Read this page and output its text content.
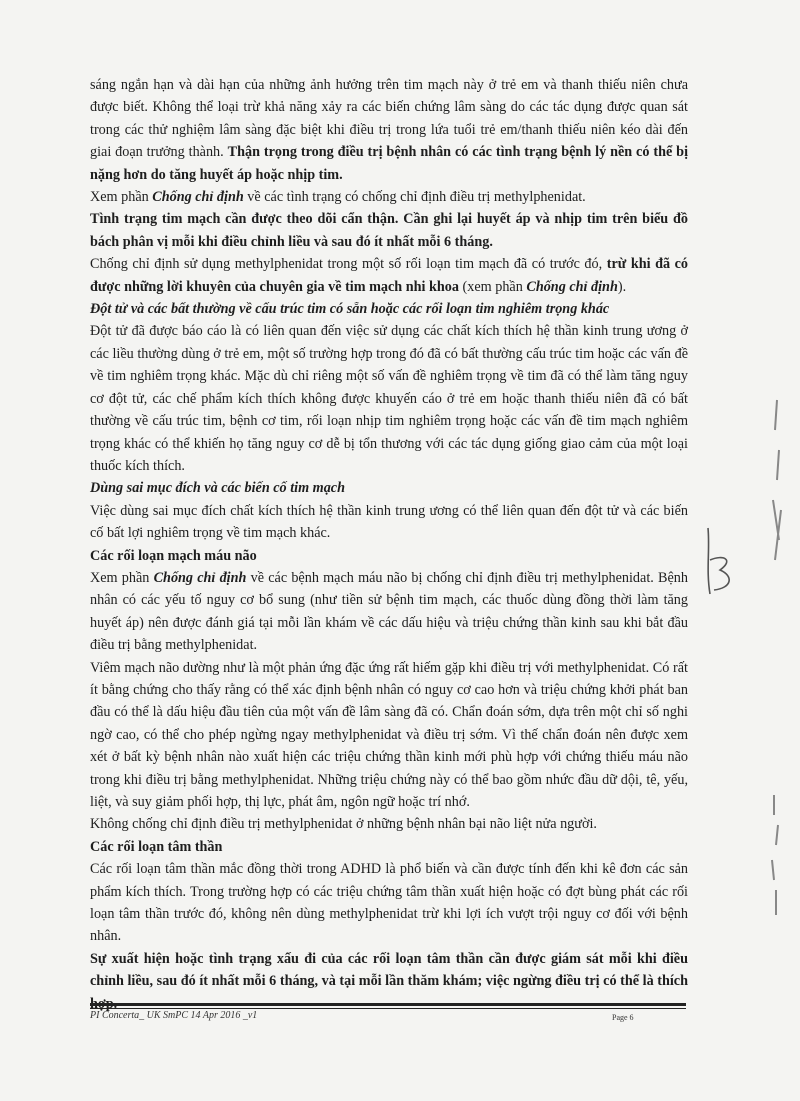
sáng ngắn hạn và dài hạn của những ảnh hưởng trên tim mạch này ở trẻ em và thanh thiếu niên chưa được biết. Không thể loại trừ khả năng xảy ra các biến chứng lâm sàng do các tác dụng được quan sát trong các thử nghiệm lâm sàng đặc biệt khi điều trị trong lứa tuổi trẻ em/thanh thiếu niên kéo dài đến giai đoạn trưởng thành. Thận trọng trong điều trị bệnh nhân có các tình trạng bệnh lý nền có thể bị nặng hơn do tăng huyết áp hoặc nhịp tim.

Xem phần Chống chỉ định về các tình trạng có chống chỉ định điều trị methylphenidat.

Tình trạng tim mạch cần được theo dõi cẩn thận. Cần ghi lại huyết áp và nhịp tim trên biểu đồ bách phân vị mỗi khi điều chỉnh liều và sau đó ít nhất mỗi 6 tháng.

Chống chỉ định sử dụng methylphenidat trong một số rối loạn tim mạch đã có trước đó, trừ khi đã có được những lời khuyên của chuyên gia về tim mạch nhi khoa (xem phần Chống chỉ định).

Đột tử và các bất thường về cấu trúc tim có sẵn hoặc các rối loạn tim nghiêm trọng khác

Đột tử đã được báo cáo là có liên quan đến việc sử dụng các chất kích thích hệ thần kinh trung ương ở các liều thường dùng ở trẻ em, một số trường hợp trong đó đã có bất thường cấu trúc tim hoặc các vấn đề về tim nghiêm trọng khác. Mặc dù chỉ riêng một số vấn đề nghiêm trọng về tim đã có thể làm tăng nguy cơ đột tử, các chế phẩm kích thích không được khuyến cáo ở trẻ em hoặc thanh thiếu niên đã có bất thường về cấu trúc tim, bệnh cơ tim, rối loạn nhịp tim nghiêm trọng hoặc các vấn đề tim mạch nghiêm trọng khác có thể khiến họ tăng nguy cơ dễ bị tổn thương với các tác dụng giống giao cảm của một loại thuốc kích thích.

Dùng sai mục đích và các biến cố tim mạch

Việc dùng sai mục đích chất kích thích hệ thần kinh trung ương có thể liên quan đến đột tử và các biến cố bất lợi nghiêm trọng về tim mạch khác.

Các rối loạn mạch máu não

Xem phần Chống chỉ định về các bệnh mạch máu não bị chống chỉ định điều trị methylphenidat. Bệnh nhân có các yếu tố nguy cơ bổ sung (như tiền sử bệnh tim mạch, các thuốc dùng đồng thời làm tăng huyết áp) nên được đánh giá tại mỗi lần khám về các dấu hiệu và triệu chứng thần kinh sau khi bắt đầu điều trị bằng methylphenidat.

Viêm mạch não dường như là một phản ứng đặc ứng rất hiếm gặp khi điều trị với methylphenidat. Có rất ít bằng chứng cho thấy rằng có thể xác định bệnh nhân có nguy cơ cao hơn và triệu chứng khởi phát ban đầu có thể là dấu hiệu đầu tiên của một vấn đề lâm sàng đã có. Chẩn đoán sớm, dựa trên một chỉ số nghi ngờ cao, có thể cho phép ngừng ngay methylphenidat và điều trị sớm. Vì thế chẩn đoán nên được xem xét ở bất kỳ bệnh nhân nào xuất hiện các triệu chứng thần kinh mới phù hợp với chứng thiếu máu não trong khi điều trị bằng methylphenidat. Những triệu chứng này có thể bao gồm nhức đầu dữ dội, tê, yếu, liệt, và suy giảm phối hợp, thị lực, phát âm, ngôn ngữ hoặc trí nhớ.

Không chống chỉ định điều trị methylphenidat ở những bệnh nhân bại não liệt nửa người.

Các rối loạn tâm thần

Các rối loạn tâm thần mắc đồng thời trong ADHD là phổ biến và cần được tính đến khi kê đơn các sản phẩm kích thích. Trong trường hợp có các triệu chứng tâm thần xuất hiện hoặc có đợt bùng phát các rối loạn tâm thần trước đó, không nên dùng methylphenidat trừ khi lợi ích vượt trội nguy cơ đối với bệnh nhân.

Sự xuất hiện hoặc tình trạng xấu đi của các rối loạn tâm thần cần được giám sát mỗi khi điều chỉnh liều, sau đó ít nhất mỗi 6 tháng, và tại mỗi lần thăm khám; việc ngừng điều trị có thể là thích hợp.

PI Concerta_ UK SmPC 14 Apr 2016 _v1	Page 6
